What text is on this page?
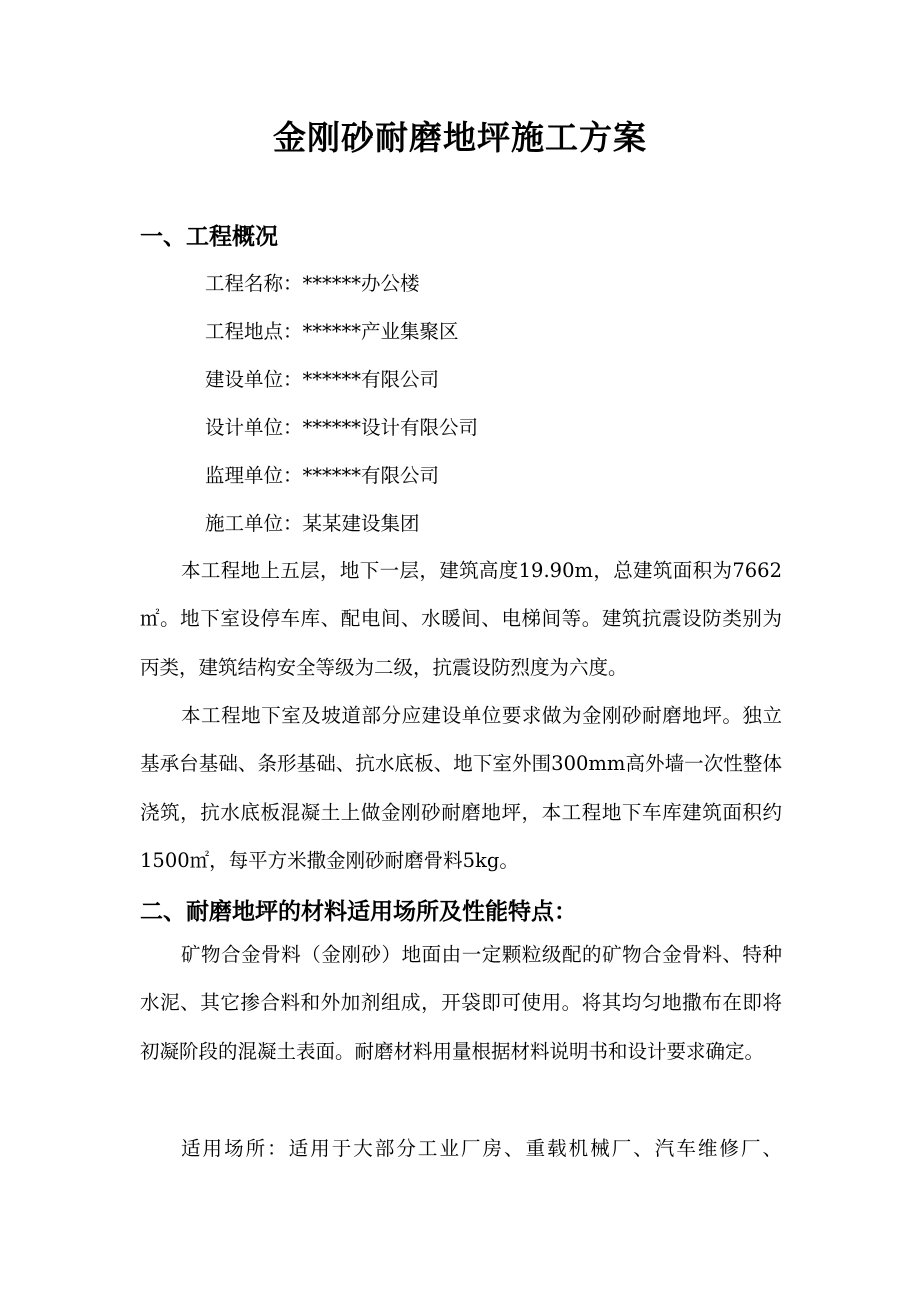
金刚砂耐磨地坪施工方案
一、工程概况
工程名称：******办公楼
工程地点：******产业集聚区
建设单位：******有限公司
设计单位：******设计有限公司
监理单位：******有限公司
施工单位：某某建设集团

本工程地上五层，地下一层，建筑高度19.90m，总建筑面积为7662㎡。地下室设停车库、配电间、水暖间、电梯间等。建筑抗震设防类别为丙类，建筑结构安全等级为二级，抗震设防烈度为六度。

本工程地下室及坡道部分应建设单位要求做为金刚砂耐磨地坪。独立基承台基础、条形基础、抗水底板、地下室外围300mm高外墙一次性整体浇筑，抗水底板混凝土上做金刚砂耐磨地坪，本工程地下车库建筑面积约1500㎡，每平方米撒金刚砂耐磨骨料5kg。

二、耐磨地坪的材料适用场所及性能特点：

矿物合金骨料（金刚砂）地面由一定颗粒级配的矿物合金骨料、特种水泥、其它掺合料和外加剂组成，开袋即可使用。将其均匀地撒布在即将初凝阶段的混凝土表面。耐磨材料用量根据材料说明书和设计要求确定。

适用场所：适用于大部分工业厂房、重载机械厂、汽车维修厂、
